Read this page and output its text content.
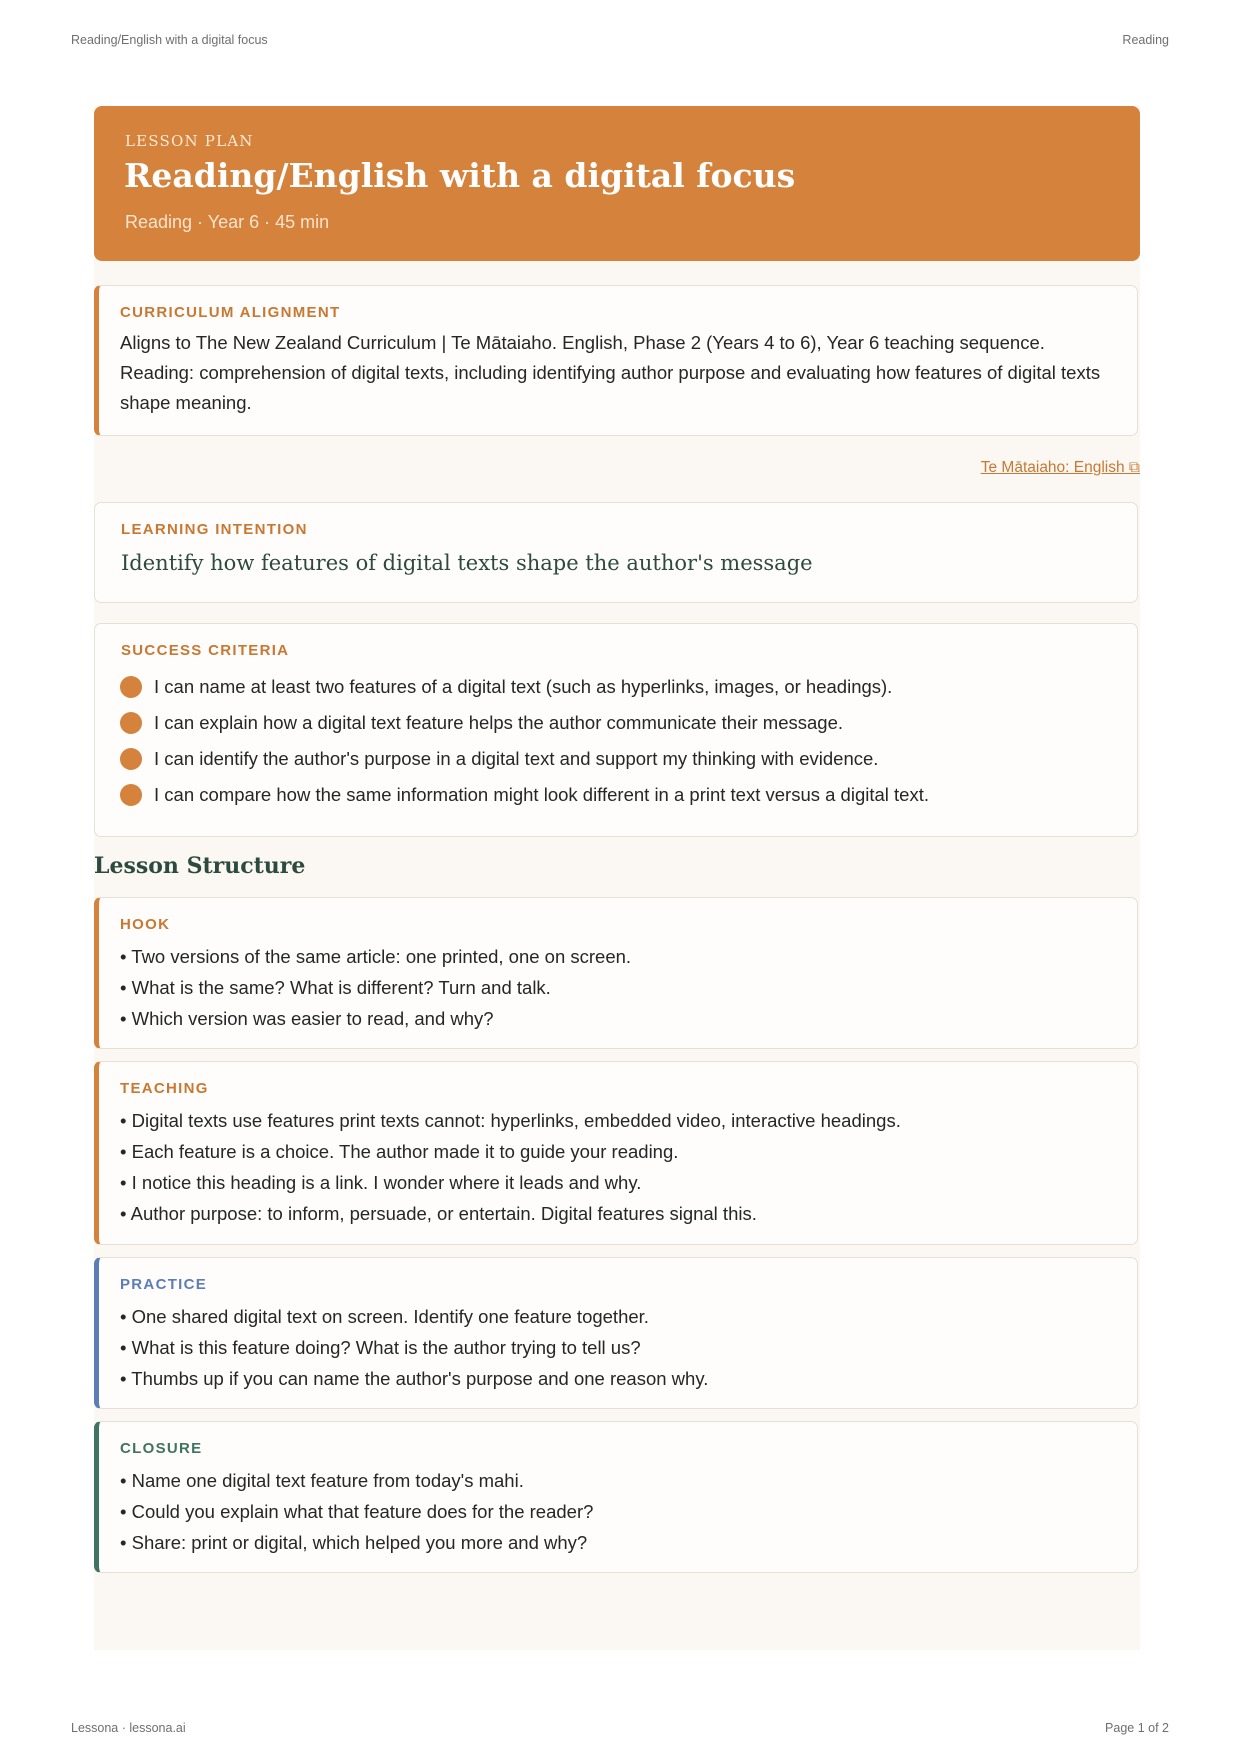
Reading/English with a digital focus	Reading
LESSON PLAN
Reading/English with a digital focus
Reading · Year 6 · 45 min
CURRICULUM ALIGNMENT
Aligns to The New Zealand Curriculum | Te Mātaiaho. English, Phase 2 (Years 4 to 6), Year 6 teaching sequence. Reading: comprehension of digital texts, including identifying author purpose and evaluating how features of digital texts shape meaning.
Te Mātaiaho: English ⧉
LEARNING INTENTION
Identify how features of digital texts shape the author's message
SUCCESS CRITERIA
I can name at least two features of a digital text (such as hyperlinks, images, or headings).
I can explain how a digital text feature helps the author communicate their message.
I can identify the author's purpose in a digital text and support my thinking with evidence.
I can compare how the same information might look different in a print text versus a digital text.
Lesson Structure
HOOK
• Two versions of the same article: one printed, one on screen.
• What is the same? What is different? Turn and talk.
• Which version was easier to read, and why?
TEACHING
• Digital texts use features print texts cannot: hyperlinks, embedded video, interactive headings.
• Each feature is a choice. The author made it to guide your reading.
• I notice this heading is a link. I wonder where it leads and why.
• Author purpose: to inform, persuade, or entertain. Digital features signal this.
PRACTICE
• One shared digital text on screen. Identify one feature together.
• What is this feature doing? What is the author trying to tell us?
• Thumbs up if you can name the author's purpose and one reason why.
CLOSURE
• Name one digital text feature from today's mahi.
• Could you explain what that feature does for the reader?
• Share: print or digital, which helped you more and why?
Lessona · lessona.ai	Page 1 of 2
